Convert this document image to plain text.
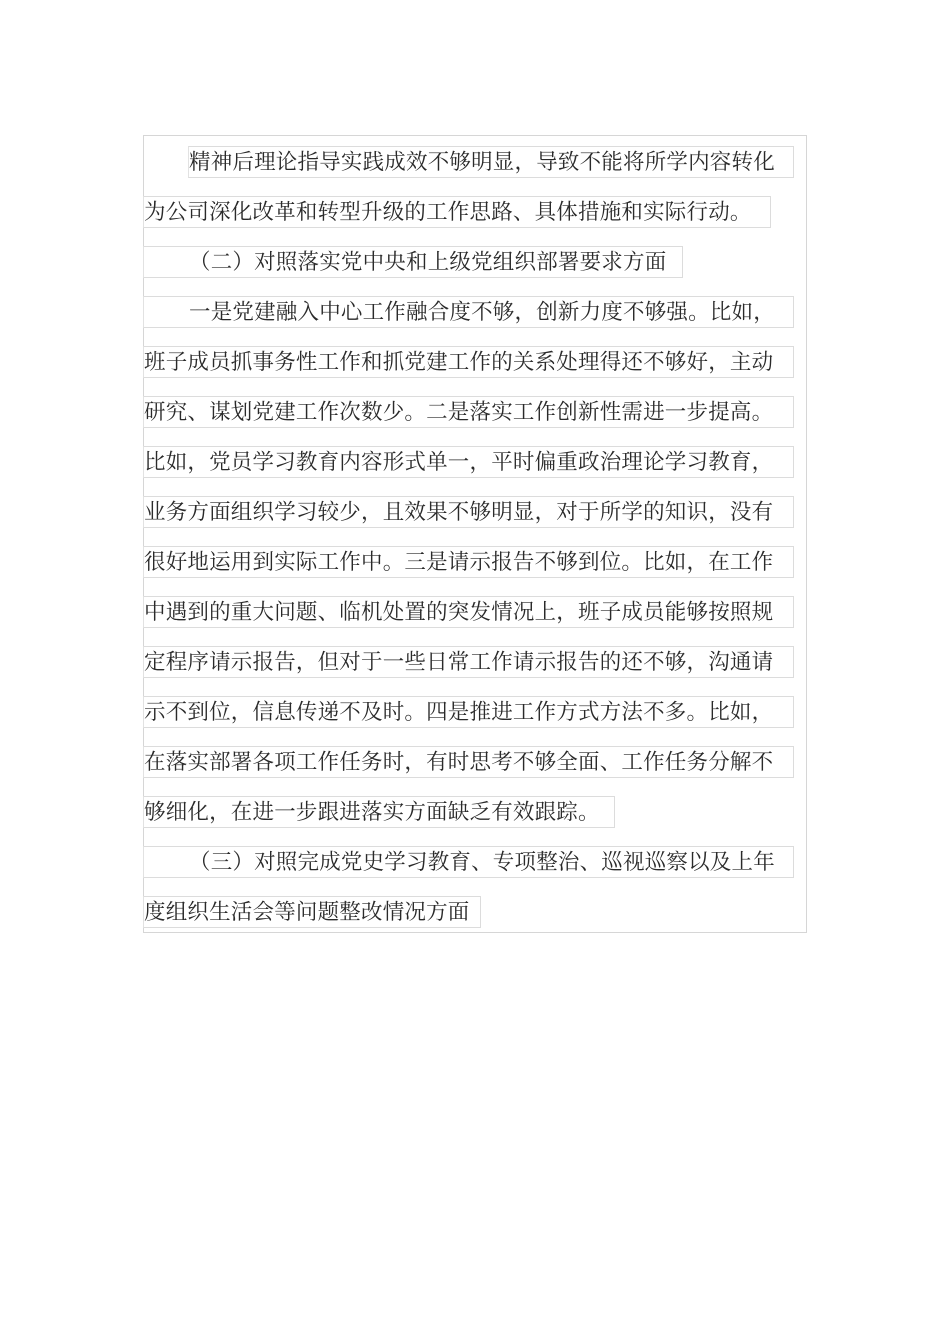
精神后理论指导实践成效不够明显，导致不能将所学内容转化
为公司深化改革和转型升级的工作思路、具体措施和实际行动。
（二）对照落实党中央和上级党组织部署要求方面
一是党建融入中心工作融合度不够，创新力度不够强。比如，
班子成员抓事务性工作和抓党建工作的关系处理得还不够好，主动
研究、谋划党建工作次数少。二是落实工作创新性需进一步提高。
比如，党员学习教育内容形式单一，平时偏重政治理论学习教育，
业务方面组织学习较少，且效果不够明显，对于所学的知识，没有
很好地运用到实际工作中。三是请示报告不够到位。比如，在工作
中遇到的重大问题、临机处置的突发情况上，班子成员能够按照规
定程序请示报告，但对于一些日常工作请示报告的还不够，沟通请
示不到位，信息传递不及时。四是推进工作方式方法不多。比如，
在落实部署各项工作任务时，有时思考不够全面、工作任务分解不
够细化，在进一步跟进落实方面缺乏有效跟踪。
（三）对照完成党史学习教育、专项整治、巡视巡察以及上年
度组织生活会等问题整改情况方面
